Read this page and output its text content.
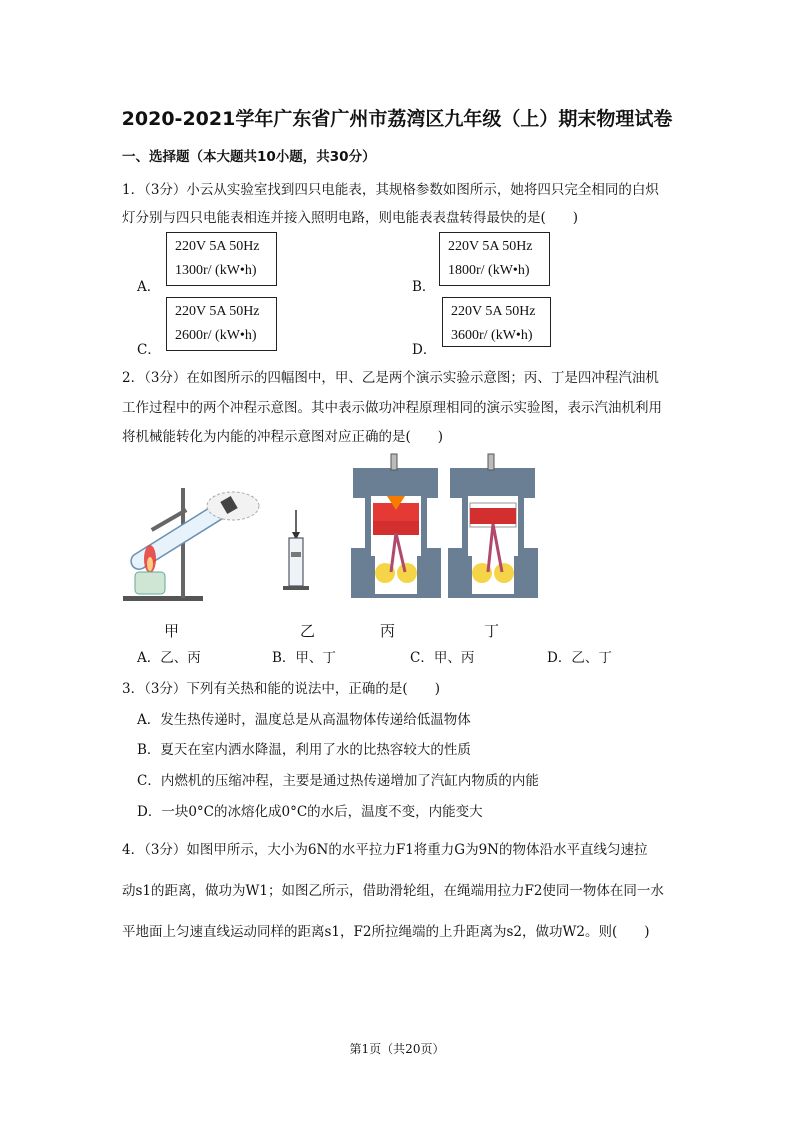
2020-2021学年广东省广州市荔湾区九年级（上）期末物理试卷
一、选择题（本大题共10小题，共30分）
1．（3分）小云从实验室找到四只电能表，其规格参数如图所示，她将四只完全相同的白炽
灯分别与四只电能表相连并接入照明电路，则电能表表盘转得最快的是(　　)
A．
220V 5A 50Hz
1300r/ (kW•h)
B．
220V 5A 50Hz
1800r/ (kW•h)
C．
220V 5A 50Hz
2600r/ (kW•h)
D．
220V 5A 50Hz
3600r/ (kW•h)
2．（3分）在如图所示的四幅图中，甲、乙是两个演示实验示意图；丙、丁是四冲程汽油机
工作过程中的两个冲程示意图。其中表示做功冲程原理相同的演示实验图，表示汽油机利用
将机械能转化为内能的冲程示意图对应正确的是(　　)
甲	乙	丙	丁
A．乙、丙	B．甲、丁	C．甲、丙	D．乙、丁
3．（3分）下列有关热和能的说法中，正确的是(　　)
A．发生热传递时，温度总是从高温物体传递给低温物体
B．夏天在室内洒水降温，利用了水的比热容较大的性质
C．内燃机的压缩冲程，主要是通过热传递增加了汽缸内物质的内能
D．一块0°C的冰熔化成0°C的水后，温度不变，内能变大
4．（3分）如图甲所示，大小为6N的水平拉力F1将重力G为9N的物体沿水平直线匀速拉
动s1的距离，做功为W1；如图乙所示，借助滑轮组，在绳端用拉力F2使同一物体在同一水
平地面上匀速直线运动同样的距离s1，F2所拉绳端的上升距离为s2，做功W2。则(　　)
第1页（共20页）
